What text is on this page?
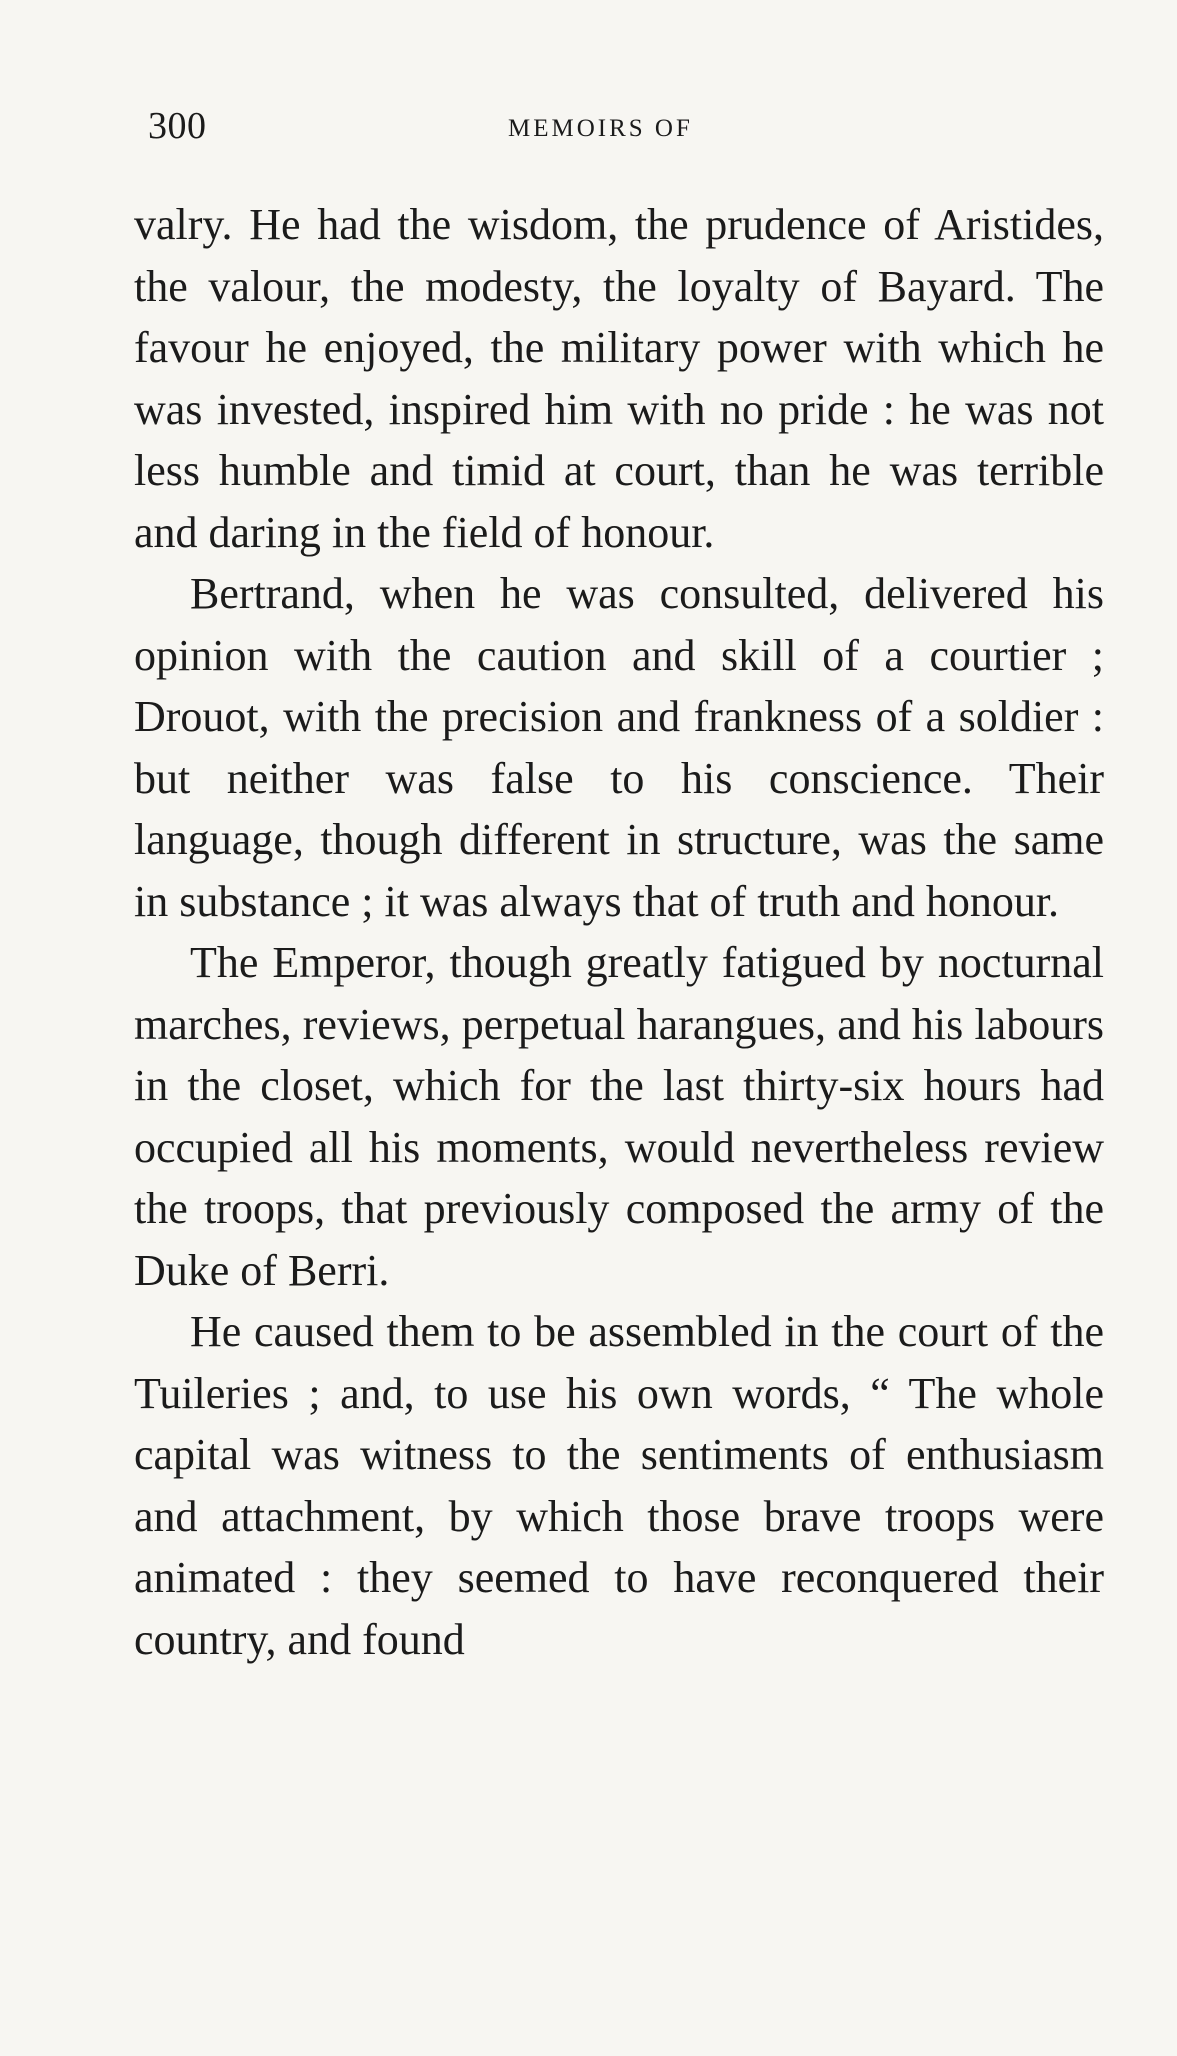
300	MEMOIRS OF

valry. He had the wisdom, the prudence of Aristides, the valour, the modesty, the loyalty of Bayard. The favour he enjoyed, the military power with which he was invested, inspired him with no pride : he was not less humble and timid at court, than he was terrible and daring in the field of honour.

Bertrand, when he was consulted, delivered his opinion with the caution and skill of a courtier ; Drouot, with the precision and frankness of a soldier : but neither was false to his conscience. Their language, though different in structure, was the same in substance ; it was always that of truth and honour.

The Emperor, though greatly fatigued by nocturnal marches, reviews, perpetual harangues, and his labours in the closet, which for the last thirty-six hours had occupied all his moments, would nevertheless review the troops, that previously composed the army of the Duke of Berri.

He caused them to be assembled in the court of the Tuileries ; and, to use his own words, “ The whole capital was witness to the sentiments of enthusiasm and attachment, by which those brave troops were animated : they seemed to have reconquered their country, and found
